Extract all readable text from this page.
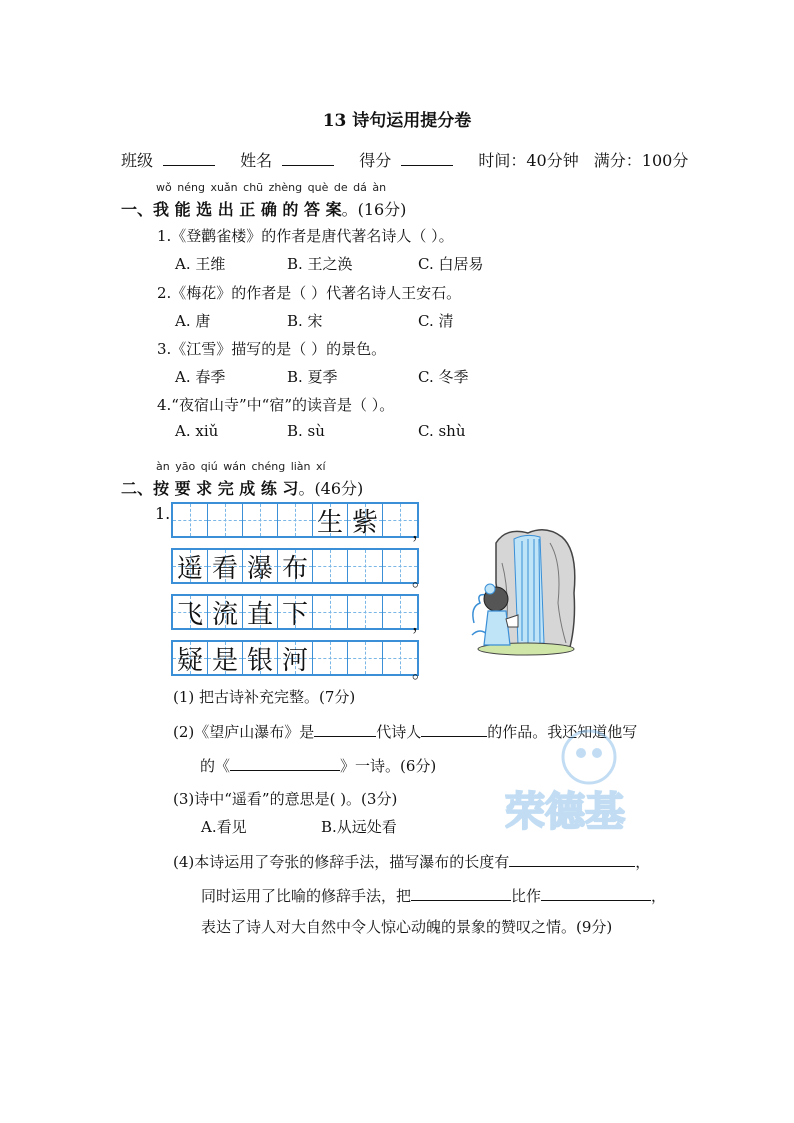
13 诗句运用提分卷
班级	姓名	得分	时间：40分钟 满分：100分
wǒ néng xuǎn chū zhèng què de dá àn
一、我 能 选 出 正 确 的 答 案。(16分)
1.《登鹳雀楼》的作者是唐代著名诗人（ ）。
A. 王维	B. 王之涣	C. 白居易
2.《梅花》的作者是（ ）代著名诗人王安石。
A. 唐	B. 宋	C. 清
3.《江雪》描写的是（ ）的景色。
A. 春季	B. 夏季	C. 冬季
4.“夜宿山寺”中“宿”的读音是（ ）。
A. xiǔ	B. sù	C. shù
àn yāo qiú wán chéng liàn xí
二、按 要 求 完 成 练 习。(46分)
1.	生 紫 ，
遥 看 瀑 布	。
飞 流 直 下	，
疑 是 银 河	。
(1) 把古诗补充完整。(7分)
(2)《望庐山瀑布》是	代诗人	的作品。我还知道他写
的《	》一诗。(6分)
(3)诗中“遥看”的意思是( )。(3分)
A.看见	B.从远处看
(4)本诗运用了夸张的修辞手法，描写瀑布的长度有	，
同时运用了比喻的修辞手法，把	比作	，
表达了诗人对大自然中令人惊心动魄的景象的赞叹之情。(9分)
荣德基
